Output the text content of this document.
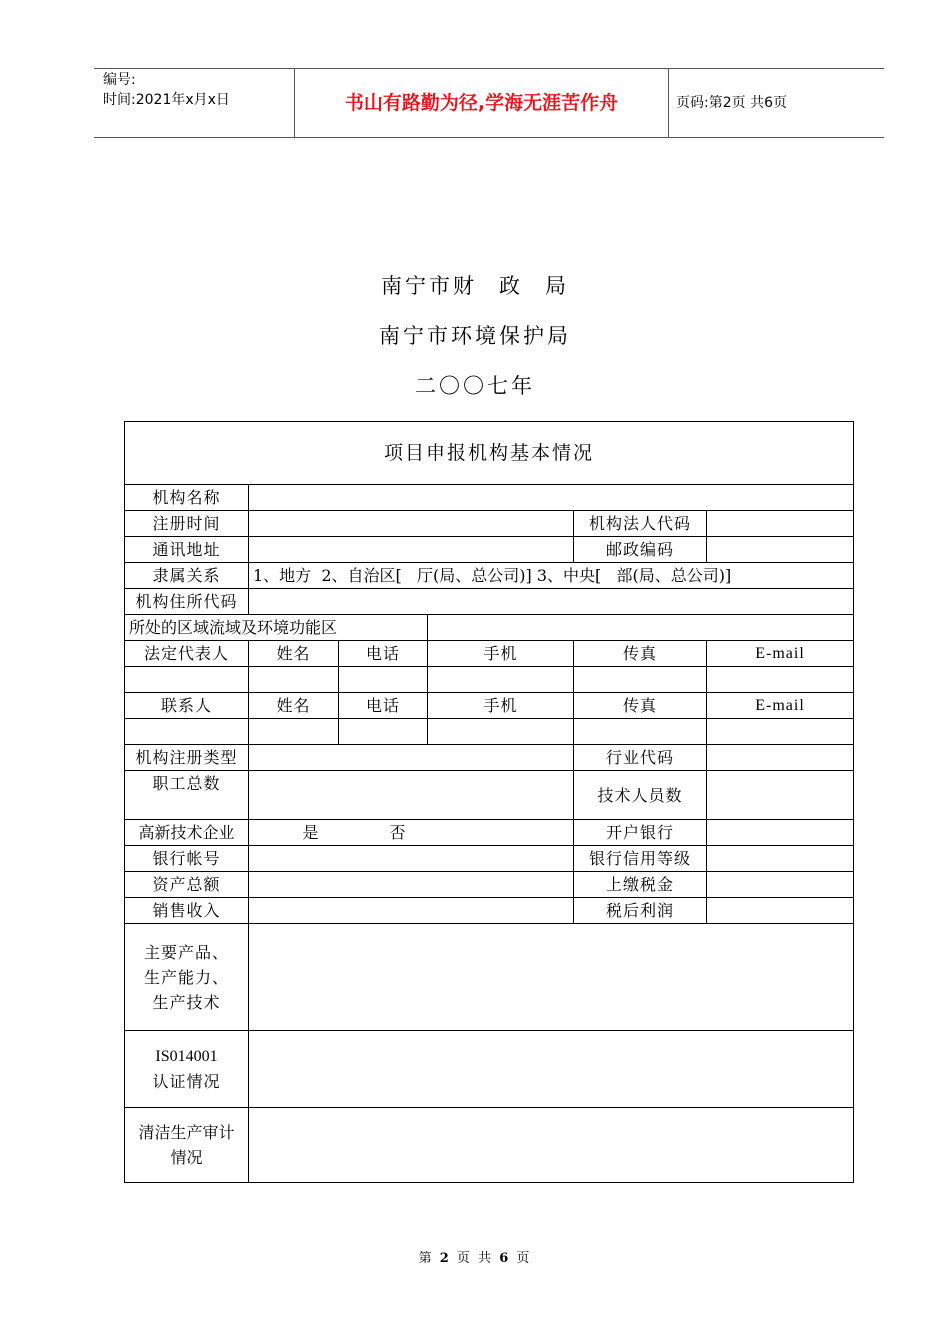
编号:
时间:2021年x月x日	书山有路勤为径,学海无涯苦作舟	页码:第2页 共6页
南宁市财 政 局
南宁市环境保护局
二〇〇七年
项目申报机构基本情况					
机构名称					
注册时间				机构法人代码	
通讯地址				邮政编码	
隶属关系	1、地方  2、自治区[   厅(局、总公司)] 3、中央[   部(局、总公司)]				
机构住所代码					
所处的区域流域及环境功能区					
法定代表人	姓名	电话	手机	传真	E-mail

联系人	姓名	电话	手机	传真	E-mail

机构注册类型				行业代码	
职工总数				技术人员数	
高新技术企业	是 否			开户银行	
银行帐号				银行信用等级	
资产总额				上缴税金	
销售收入				税后利润	

主要产品、
生产能力、
生产技术					

IS014001
认证情况					

清洁生产审计
情况					

第 2 页 共 6 页
